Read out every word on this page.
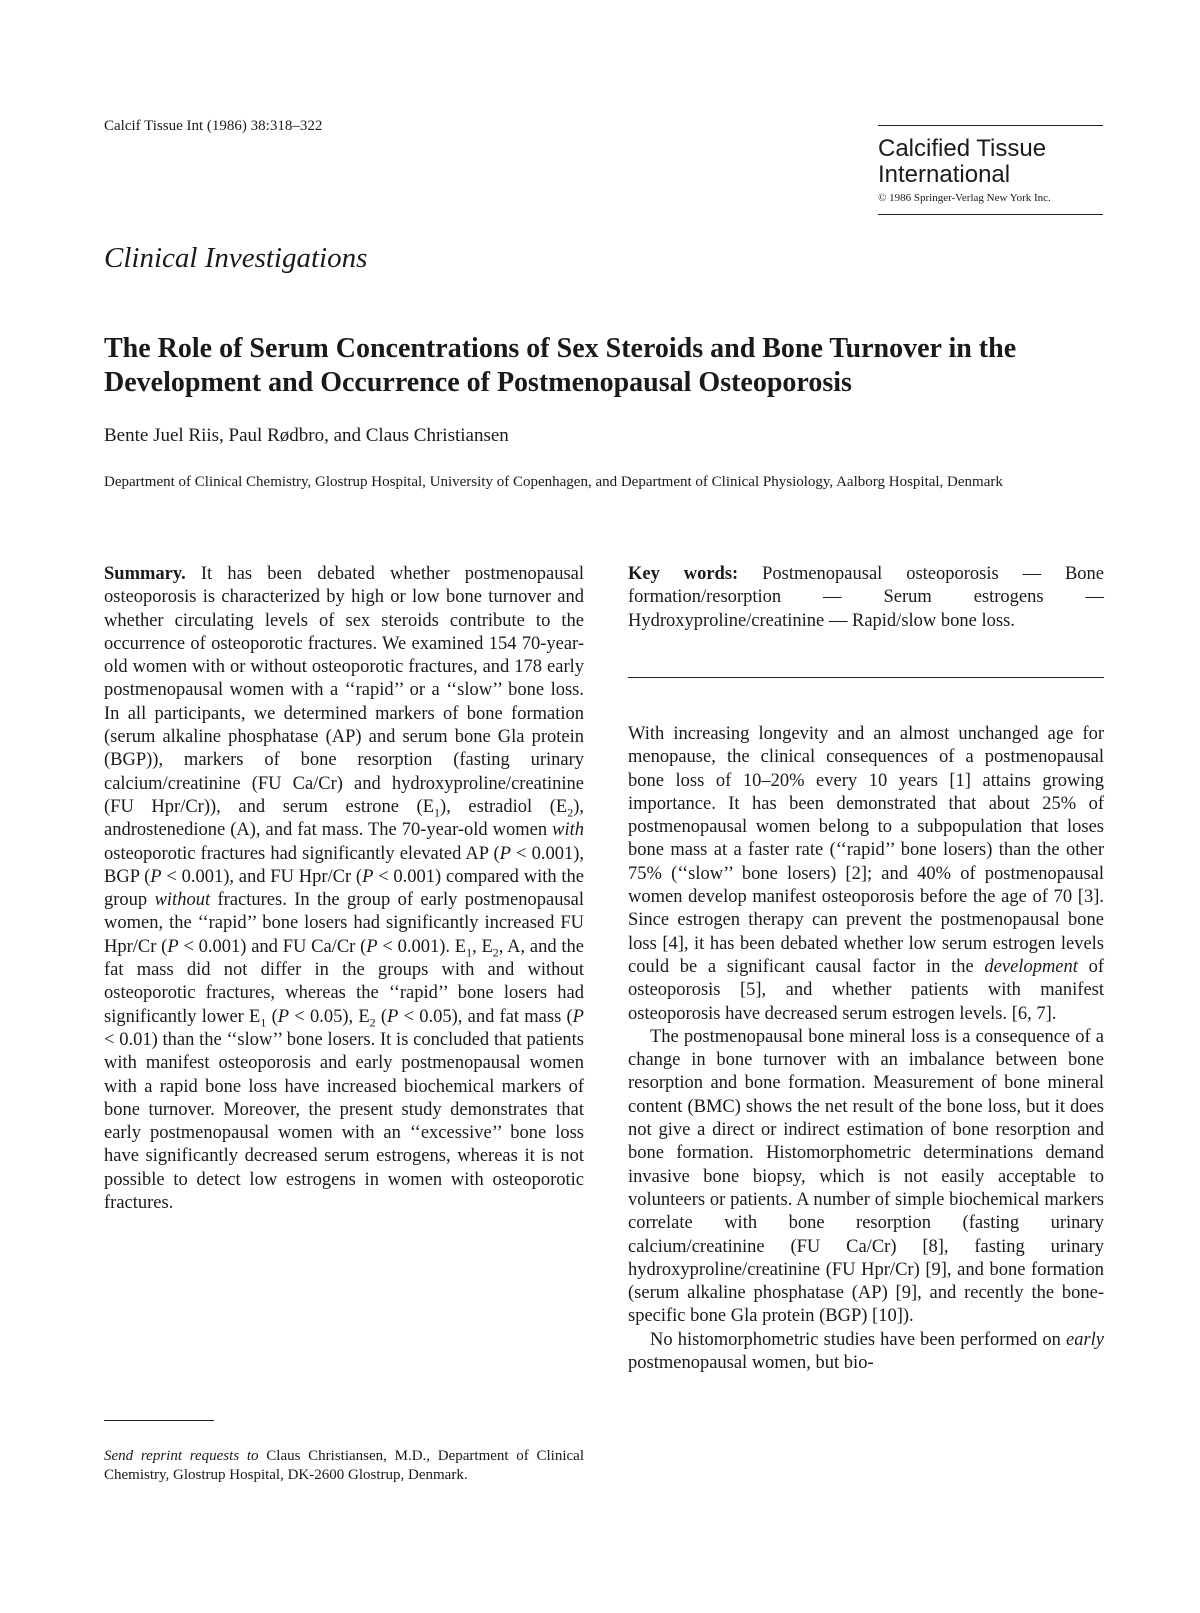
Calcif Tissue Int (1986) 38:318–322
Calcified Tissue International
© 1986 Springer-Verlag New York Inc.
Clinical Investigations
The Role of Serum Concentrations of Sex Steroids and Bone Turnover in the Development and Occurrence of Postmenopausal Osteoporosis
Bente Juel Riis, Paul Rødbro, and Claus Christiansen
Department of Clinical Chemistry, Glostrup Hospital, University of Copenhagen, and Department of Clinical Physiology, Aalborg Hospital, Denmark
Summary. It has been debated whether postmenopausal osteoporosis is characterized by high or low bone turnover and whether circulating levels of sex steroids contribute to the occurrence of osteoporotic fractures. We examined 154 70-year-old women with or without osteoporotic fractures, and 178 early postmenopausal women with a ‘‘rapid’’ or a ‘‘slow’’ bone loss. In all participants, we determined markers of bone formation (serum alkaline phosphatase (AP) and serum bone Gla protein (BGP)), markers of bone resorption (fasting urinary calcium/creatinine (FU Ca/Cr) and hydroxyproline/creatinine (FU Hpr/Cr)), and serum estrone $(E_1)$, estradiol $(E_2)$, androstenedione (A), and fat mass. The 70-year-old women with osteoporotic fractures had significantly elevated AP (P < 0.001), BGP (P < 0.001), and FU Hpr/Cr (P < 0.001) compared with the group without fractures. In the group of early postmenopausal women, the ‘‘rapid’’ bone losers had significantly increased FU Hpr/Cr (P < 0.001) and FU Ca/Cr (P < 0.001). $E_1$, $E_2$, A, and the fat mass did not differ in the groups with and without osteoporotic fractures, whereas the ‘‘rapid’’ bone losers had significantly lower $E_1$ (P < 0.05), $E_2$ (P < 0.05), and fat mass (P < 0.01) than the ‘‘slow’’ bone losers. It is concluded that patients with manifest osteoporosis and early postmenopausal women with a rapid bone loss have increased biochemical markers of bone turnover. Moreover, the present study demonstrates that early postmenopausal women with an ‘‘excessive’’ bone loss have significantly decreased serum estrogens, whereas it is not possible to detect low estrogens in women with osteoporotic fractures.
Send reprint requests to Claus Christiansen, M.D., Department of Clinical Chemistry, Glostrup Hospital, DK-2600 Glostrup, Denmark.
Key words: Postmenopausal osteoporosis — Bone formation/resorption — Serum estrogens — Hydroxyproline/creatinine — Rapid/slow bone loss.

With increasing longevity and an almost unchanged age for menopause, the clinical consequences of a postmenopausal bone loss of 10–20% every 10 years [1] attains growing importance. It has been demonstrated that about 25% of postmenopausal women belong to a subpopulation that loses bone mass at a faster rate (‘‘rapid’’ bone losers) than the other 75% (‘‘slow’’ bone losers) [2]; and 40% of postmenopausal women develop manifest osteoporosis before the age of 70 [3]. Since estrogen therapy can prevent the postmenopausal bone loss [4], it has been debated whether low serum estrogen levels could be a significant causal factor in the development of osteoporosis [5], and whether patients with manifest osteoporosis have decreased serum estrogen levels. [6, 7].

The postmenopausal bone mineral loss is a consequence of a change in bone turnover with an imbalance between bone resorption and bone formation. Measurement of bone mineral content (BMC) shows the net result of the bone loss, but it does not give a direct or indirect estimation of bone resorption and bone formation. Histomorphometric determinations demand invasive bone biopsy, which is not easily acceptable to volunteers or patients. A number of simple biochemical markers correlate with bone resorption (fasting urinary calcium/creatinine (FU Ca/Cr) [8], fasting urinary hydroxyproline/creatinine (FU Hpr/Cr) [9], and bone formation (serum alkaline phosphatase (AP) [9], and recently the bone-specific bone Gla protein (BGP) [10]).

No histomorphometric studies have been performed on early postmenopausal women, but bio-
